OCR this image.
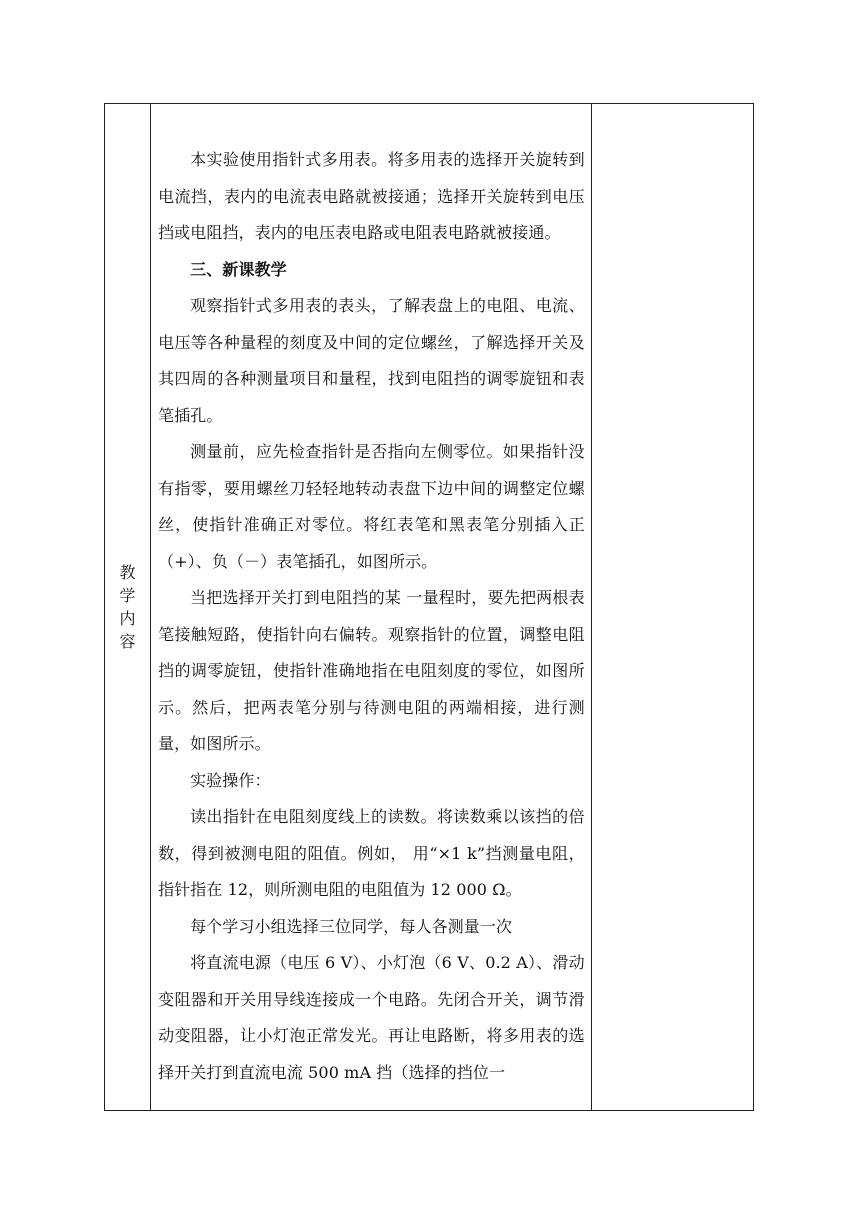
教学内容	

本实验使用指针式多用表。将多用表的选择开关旋转到电流挡，表内的电流表电路就被接通；选择开关旋转到电压挡或电阻挡，表内的电压表电路或电阻表电路就被接通。

三、新课教学

观察指针式多用表的表头，了解表盘上的电阻、电流、电压等各种量程的刻度及中间的定位螺丝，了解选择开关及其四周的各种测量项目和量程，找到电阻挡的调零旋钮和表笔插孔。

测量前，应先检查指针是否指向左侧零位。如果指针没有指零，要用螺丝刀轻轻地转动表盘下边中间的调整定位螺丝，使指针准确正对零位。将红表笔和黑表笔分别插入正（+）、负（－）表笔插孔，如图所示。

当把选择开关打到电阻挡的某 一量程时，要先把两根表笔接触短路，使指针向右偏转。观察指针的位置，调整电阻挡的调零旋钮，使指针准确地指在电阻刻度的零位，如图所示。然后，把两表笔分别与待测电阻的两端相接，进行测量，如图所示。

实验操作：

读出指针在电阻刻度线上的读数。将读数乘以该挡的倍数，得到被测电阻的阻值。例如， 用“×1 k”挡测量电阻，指针指在 12，则所测电阻的电阻值为 12 000 Ω。

每个学习小组选择三位同学，每人各测量一次

将直流电源（电压 6 V）、小灯泡（6 V、0.2 A）、滑动变阻器和开关用导线连接成一个电路。先闭合开关，调节滑动变阻器，让小灯泡正常发光。再让电路断，将多用表的选择开关打到直流电流 500 mA 挡（选择的挡位一
